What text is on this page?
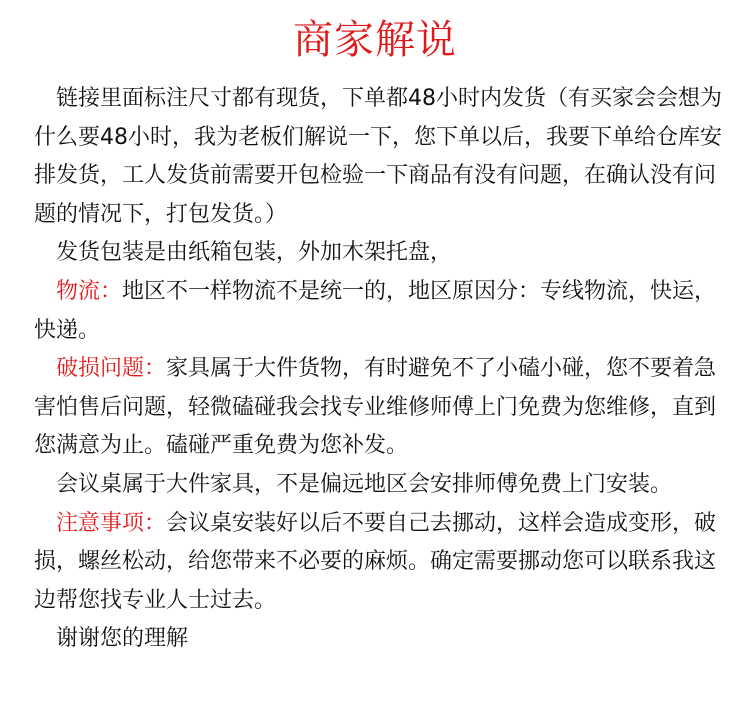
商家解说

链接里面标注尺寸都有现货，下单都48小时内发货（有买家会会想为什么要48小时，我为老板们解说一下，您下单以后，我要下单给仓库安排发货，工人发货前需要开包检验一下商品有没有问题，在确认没有问题的情况下，打包发货。）

发货包装是由纸箱包装，外加木架托盘，

物流：地区不一样物流不是统一的，地区原因分：专线物流，快运，快递。

破损问题：家具属于大件货物，有时避免不了小磕小碰，您不要着急害怕售后问题，轻微磕碰我会找专业维修师傅上门免费为您维修，直到您满意为止。磕碰严重免费为您补发。

会议桌属于大件家具，不是偏远地区会安排师傅免费上门安装。

注意事项：会议桌安装好以后不要自己去挪动，这样会造成变形，破损，螺丝松动，给您带来不必要的麻烦。确定需要挪动您可以联系我这边帮您找专业人士过去。

谢谢您的理解
